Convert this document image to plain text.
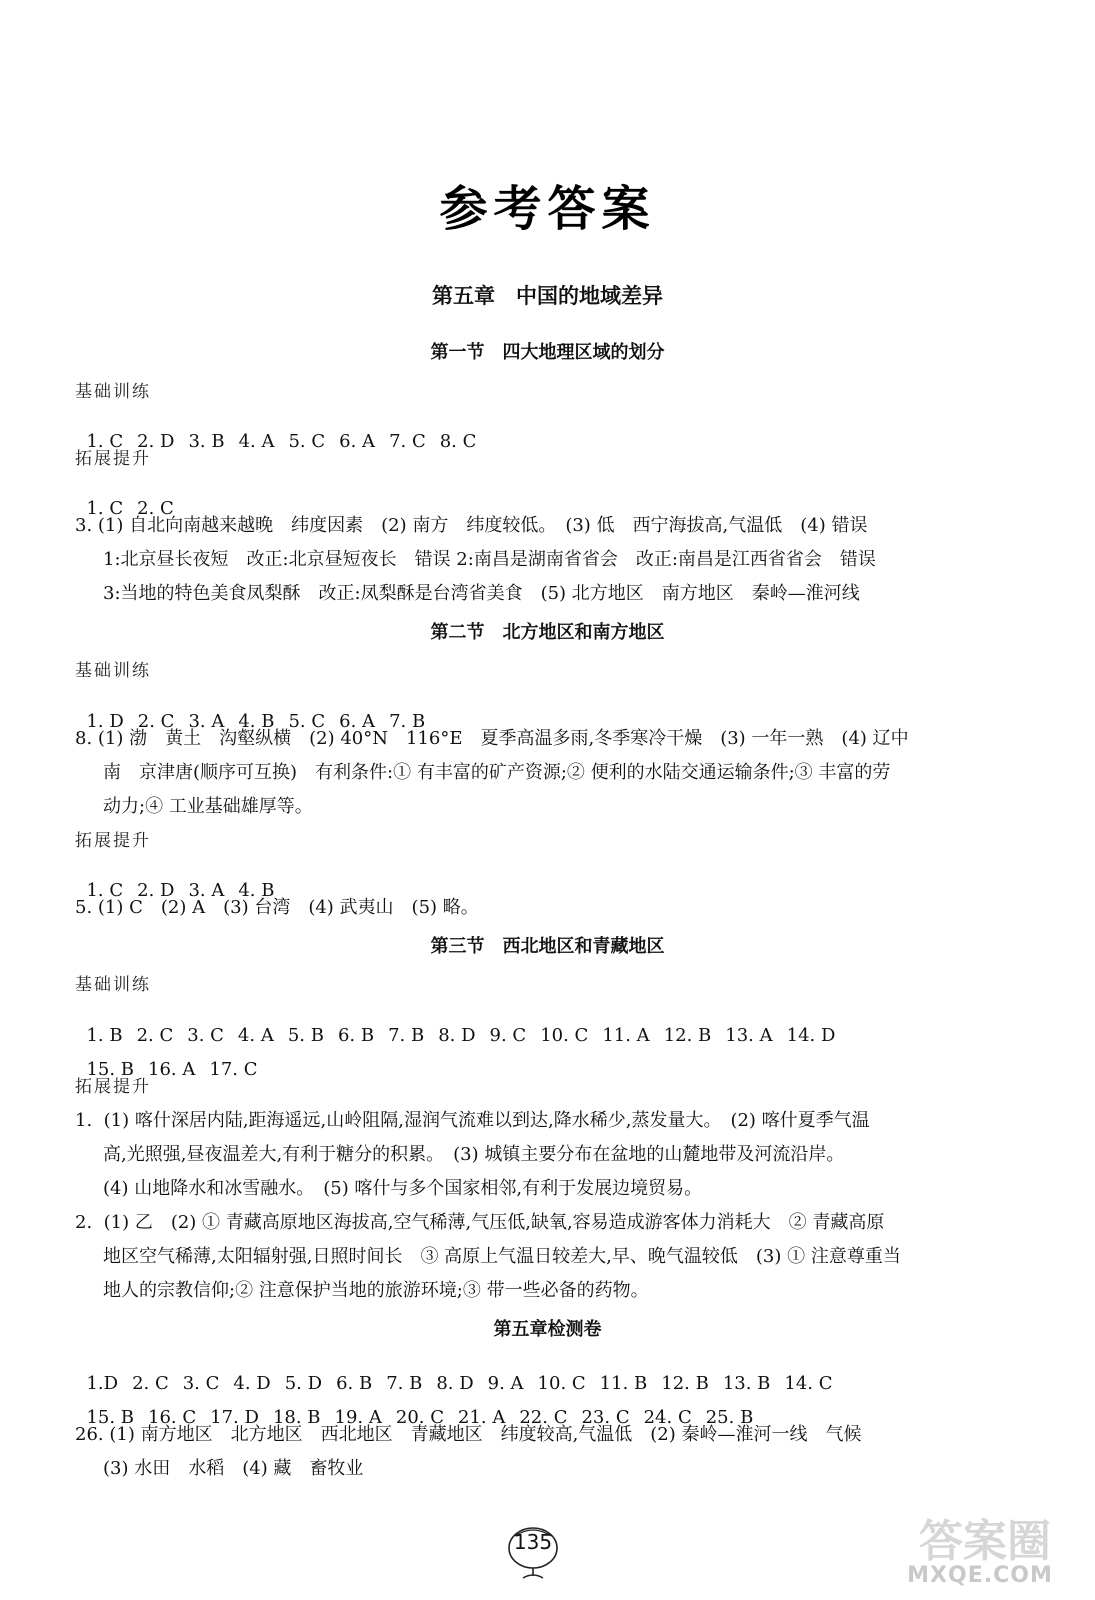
参考答案
第五章　中国的地域差异
第一节　四大地理区域的划分
基础训练

1. C 2. D 3. B 4. A 5. C 6. A 7. C 8. C

拓展提升

1. C 2. C

3. (1) 自北向南越来越晚　纬度因素　(2) 南方　纬度较低。　(3) 低　西宁海拔高,气温低　(4) 错误
1:北京昼长夜短　改正:北京昼短夜长　错误 2:南昌是湖南省省会　改正:南昌是江西省省会　错误
3:当地的特色美食凤梨酥　改正:凤梨酥是台湾省美食　(5) 北方地区　南方地区　秦岭—淮河线
第二节　北方地区和南方地区
基础训练

1. D 2. C 3. A 4. B 5. C 6. A 7. B

8. (1) 渤　黄土　沟壑纵横　(2) 40°N　116°E　夏季高温多雨,冬季寒冷干燥　(3) 一年一熟　(4) 辽中
南　京津唐(顺序可互换)　有利条件:① 有丰富的矿产资源;② 便利的水陆交通运输条件;③ 丰富的劳
动力;④ 工业基础雄厚等。
拓展提升

1. C 2. D 3. A 4. B

5. (1) C　(2) A　(3) 台湾　(4) 武夷山　(5) 略。
第三节　西北地区和青藏地区
基础训练

1. B 2. C 3. C 4. A 5. B 6. B 7. B 8. D 9. C 10. C 11. A 12. B 13. A 14. D

15. B 16. A 17. C

拓展提升
1.  (1) 喀什深居内陆,距海遥远,山岭阻隔,湿润气流难以到达,降水稀少,蒸发量大。　(2) 喀什夏季气温
高,光照强,昼夜温差大,有利于糖分的积累。　(3) 城镇主要分布在盆地的山麓地带及河流沿岸。
(4) 山地降水和冰雪融水。　(5) 喀什与多个国家相邻,有利于发展边境贸易。
2.  (1) 乙　(2) ① 青藏高原地区海拔高,空气稀薄,气压低,缺氧,容易造成游客体力消耗大　② 青藏高原
地区空气稀薄,太阳辐射强,日照时间长　③ 高原上气温日较差大,早、晚气温较低　(3) ① 注意尊重当
地人的宗教信仰;② 注意保护当地的旅游环境;③ 带一些必备的药物。
第五章检测卷

1.D 2. C 3. C 4. D 5. D 6. B 7. B 8. D 9. A 10. C 11. B 12. B 13. B 14. C

15. B 16. C 17. D 18. B 19. A 20. C 21. A 22. C 23. C 24. C 25. B

26. (1) 南方地区　北方地区　西北地区　青藏地区　纬度较高,气温低　(2) 秦岭—淮河一线　气候
(3) 水田　水稻　(4) 藏　畜牧业
135	答案圈
MXQE.COM
